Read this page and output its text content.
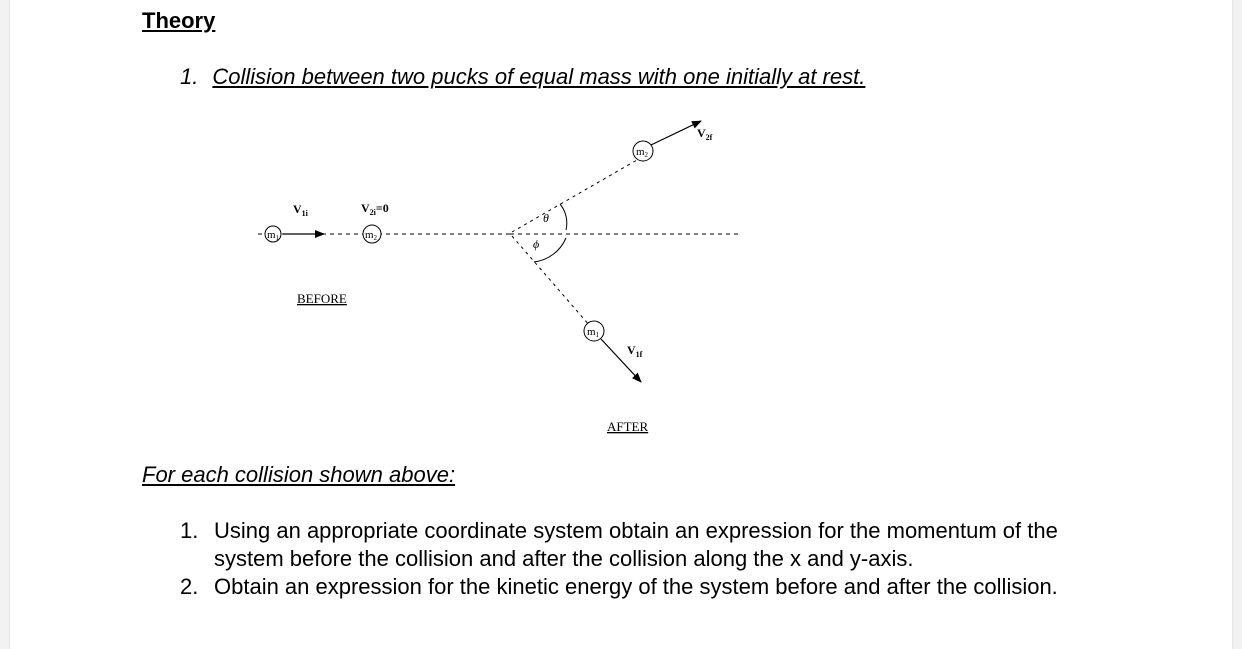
Theory
1. Collision between two pucks of equal mass with one initially at rest.
m1
$V_{1i}$
m2
$V_{2i}=0$
BEFORE
θ
ϕ
m2
$V_{2f}$
m1
$V_{1f}$
AFTER
For each collision shown above:
1. Using an appropriate coordinate system obtain an expression for the momentum of the system before the collision and after the collision along the x and y-axis.
2. Obtain an expression for the kinetic energy of the system before and after the collision.
